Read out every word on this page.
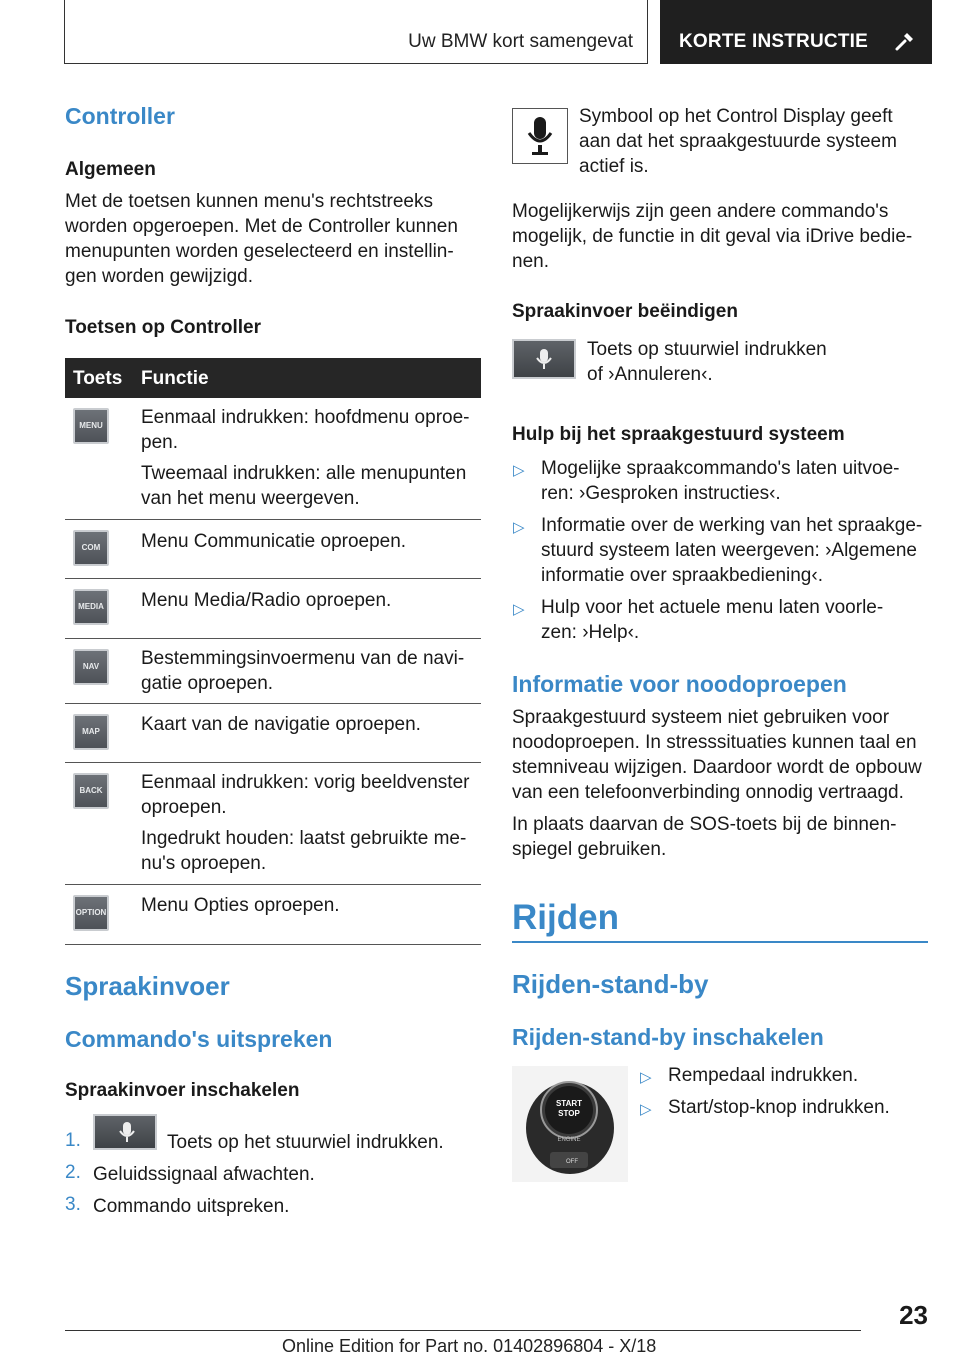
Uw BMW kort samengevat KORTE INSTRUCTIE
Controller
Algemeen
Met de toetsen kunnen menu's rechtstreeks
worden opgeroepen. Met de Controller kunnen
menupunten worden geselecteerd en instellin-
gen worden gewijzigd.
Toetsen op Controller
Toets Functie
MENU	Eenmaal indrukken: hoofdmenu oproe-
pen.
Tweemaal indrukken: alle menupunten
van het menu weergeven.
COM	Menu Communicatie oproepen.
MEDIA Menu Media/Radio oproepen.
NAV	Bestemmingsinvoermenu van de navi-
gatie oproepen.
MAP	Kaart van de navigatie oproepen.
BACK	Eenmaal indrukken: vorig beeldvenster
oproepen.
Ingedrukt houden: laatst gebruikte me-
nu's oproepen.
OPTION Menu Opties oproepen.
Spraakinvoer
Commando's uitspreken
Spraakinvoer inschakelen
1.	Toets op het stuurwiel indrukken.
2. Geluidssignaal afwachten.
3. Commando uitspreken.
Symbool op het Control Display geeft
aan dat het spraakgestuurde systeem
actief is.
Mogelijkerwijs zijn geen andere commando's
mogelijk, de functie in dit geval via iDrive bedie-
nen.
Spraakinvoer beëindigen
Toets op stuurwiel indrukken
of ›Annuleren‹.
Hulp bij het spraakgestuurd systeem
▷ Mogelijke spraakcommando's laten uitvoe-
ren: ›Gesproken instructies‹.
▷ Informatie over de werking van het spraakge-
stuurd systeem laten weergeven: ›Algemene
informatie over spraakbediening‹.
▷ Hulp voor het actuele menu laten voorle-
zen: ›Help‹.
Informatie voor noodoproepen
Spraakgestuurd systeem niet gebruiken voor
noodoproepen. In stresssituaties kunnen taal en
stemniveau wijzigen. Daardoor wordt de opbouw
van een telefoonverbinding onnodig vertraagd.
In plaats daarvan de SOS-toets bij de binnen-
spiegel gebruiken.
Rijden
Rijden-stand-by
Rijden-stand-by inschakelen
START
STOP
ENGINE
OFF
▷ Rempedaal indrukken.
▷ Start/stop-knop indrukken.
23
Online Edition for Part no. 01402896804 - X/18
